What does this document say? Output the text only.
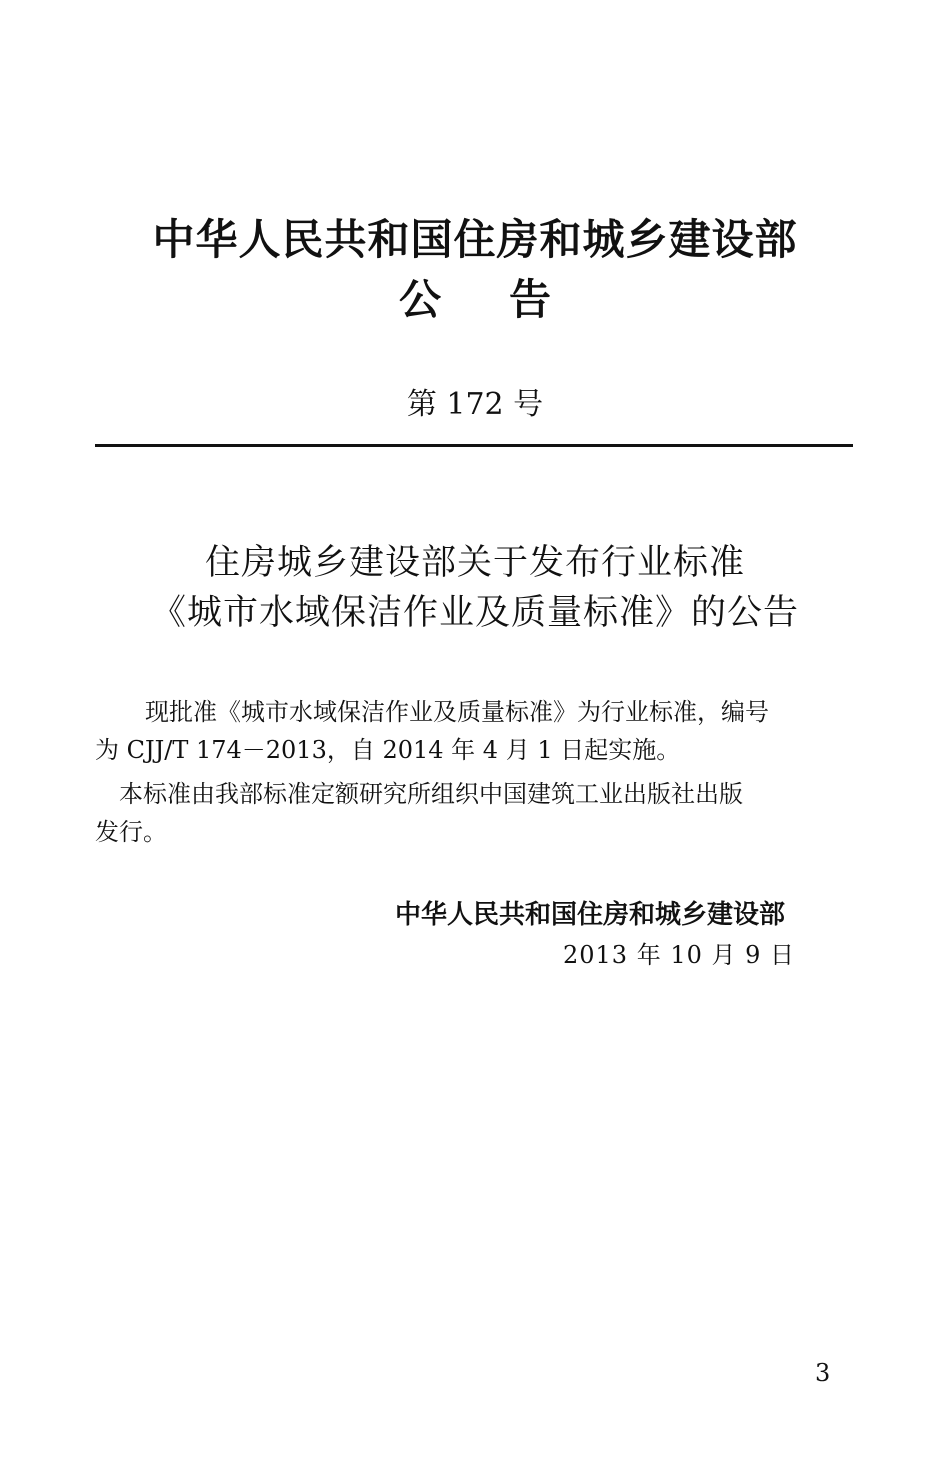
中华人民共和国住房和城乡建设部
公告
第 172 号
住房城乡建设部关于发布行业标准
《城市水域保洁作业及质量标准》的公告
现批准《城市水域保洁作业及质量标准》为行业标准，编号
为 CJJ/T 174－2013，自 2014 年 4 月 1 日起实施。
本标准由我部标准定额研究所组织中国建筑工业出版社出版
发行。
中华人民共和国住房和城乡建设部
2013 年 10 月 9 日
3
